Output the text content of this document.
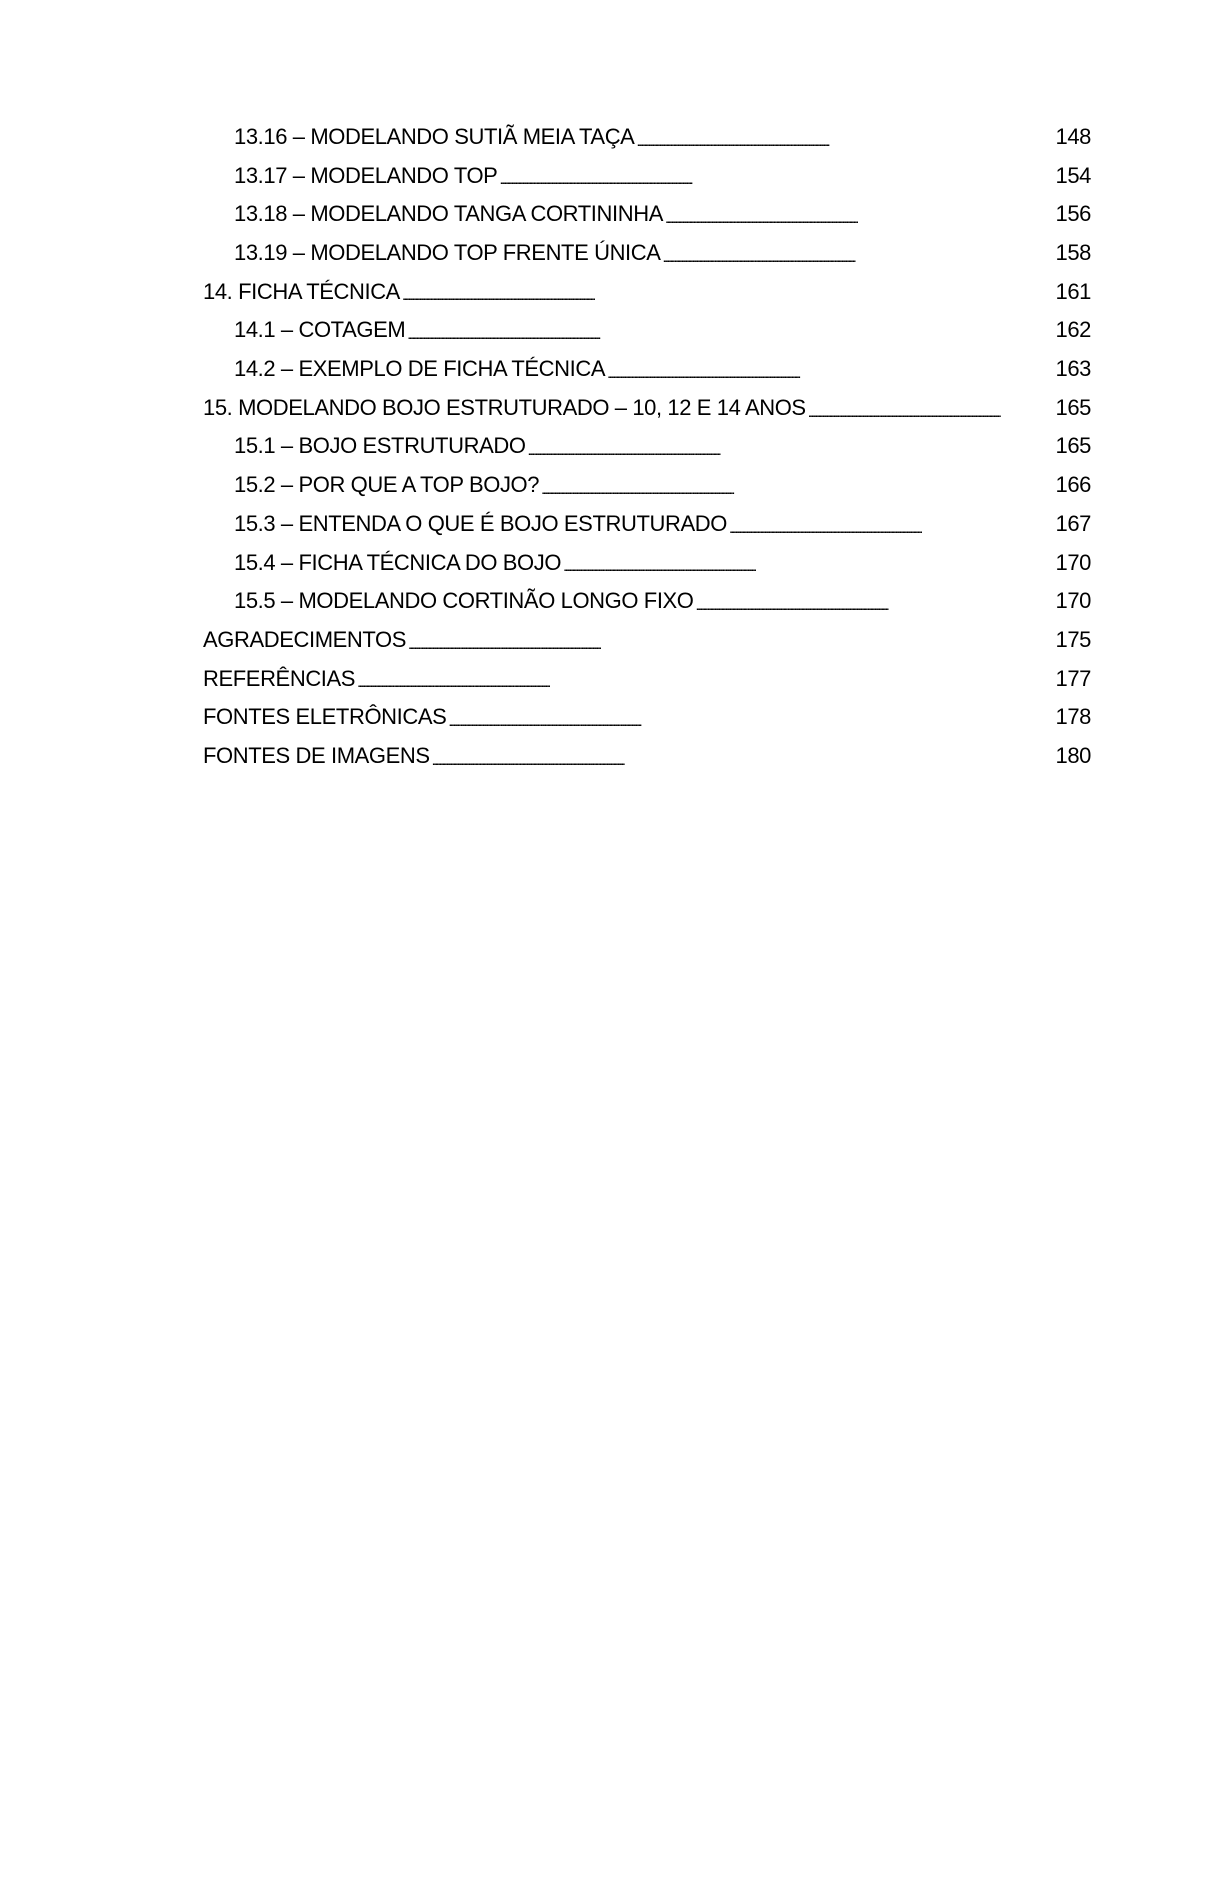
13.16 – MODELANDO SUTIÃ MEIA TAÇA . . .	148
13.17 – MODELANDO TOP . . .	154
13.18 – MODELANDO TANGA CORTININHA . . .	156
13.19 – MODELANDO TOP FRENTE ÚNICA . . .	158
14. FICHA TÉCNICA . . .	161
14.1 – COTAGEM . . .	162
14.2 – EXEMPLO DE FICHA TÉCNICA . . .	163
15. MODELANDO BOJO ESTRUTURADO – 10, 12 E 14 ANOS . . .	165
15.1 – BOJO ESTRUTURADO . . .	165
15.2 – POR QUE A TOP BOJO? . . .	166
15.3 – ENTENDA O QUE É BOJO ESTRUTURADO . . .	167
15.4 – FICHA TÉCNICA DO BOJO . . .	170
15.5 – MODELANDO CORTINÃO LONGO FIXO . . .	170
AGRADECIMENTOS . . .	175
REFERÊNCIAS . . .	177
FONTES ELETRÔNICAS . . .	178
FONTES DE IMAGENS . . .	180
